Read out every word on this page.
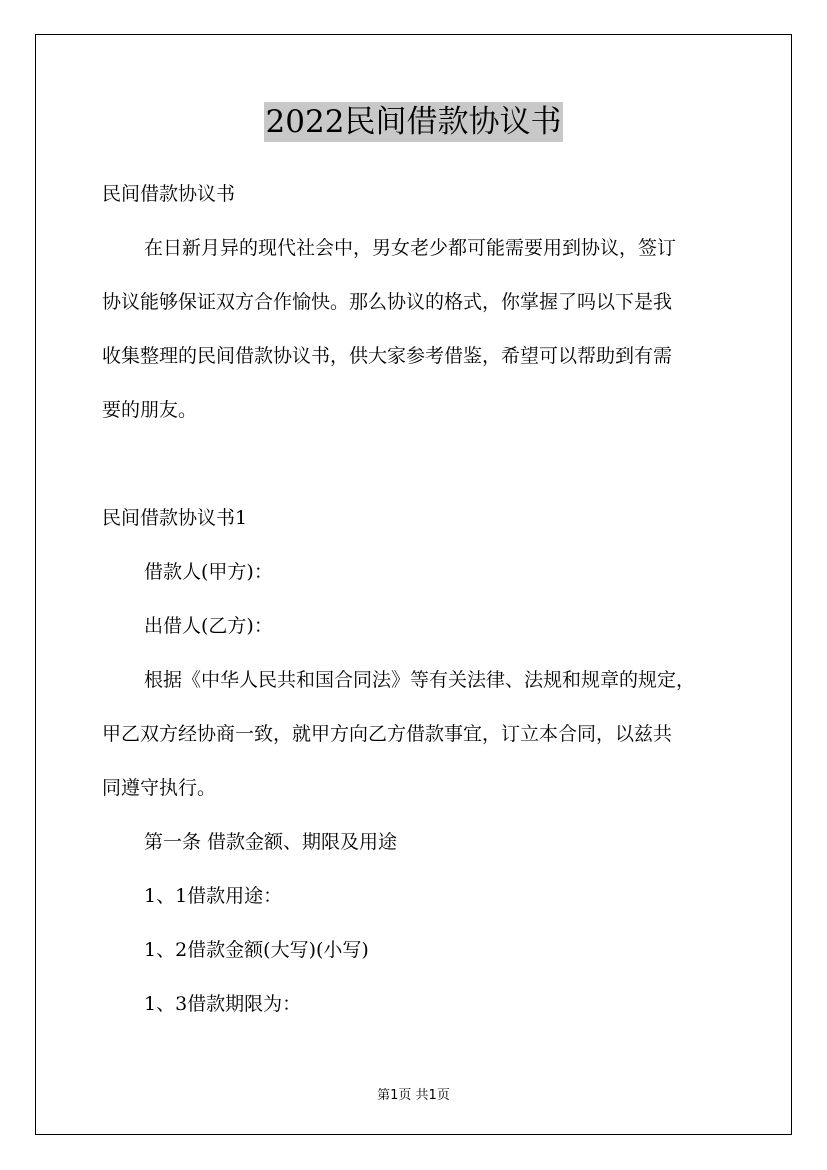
2022民间借款协议书
民间借款协议书
在日新月异的现代社会中，男女老少都可能需要用到协议，签订
协议能够保证双方合作愉快。那么协议的格式，你掌握了吗以下是我
收集整理的民间借款协议书，供大家参考借鉴，希望可以帮助到有需
要的朋友。
民间借款协议书1
借款人(甲方)：
出借人(乙方)：
根据《中华人民共和国合同法》等有关法律、法规和规章的规定，
甲乙双方经协商一致，就甲方向乙方借款事宜，订立本合同，以兹共
同遵守执行。
第一条 借款金额、期限及用途
1、1借款用途：
1、2借款金额(大写)(小写)
1、3借款期限为：
第1页 共1页
